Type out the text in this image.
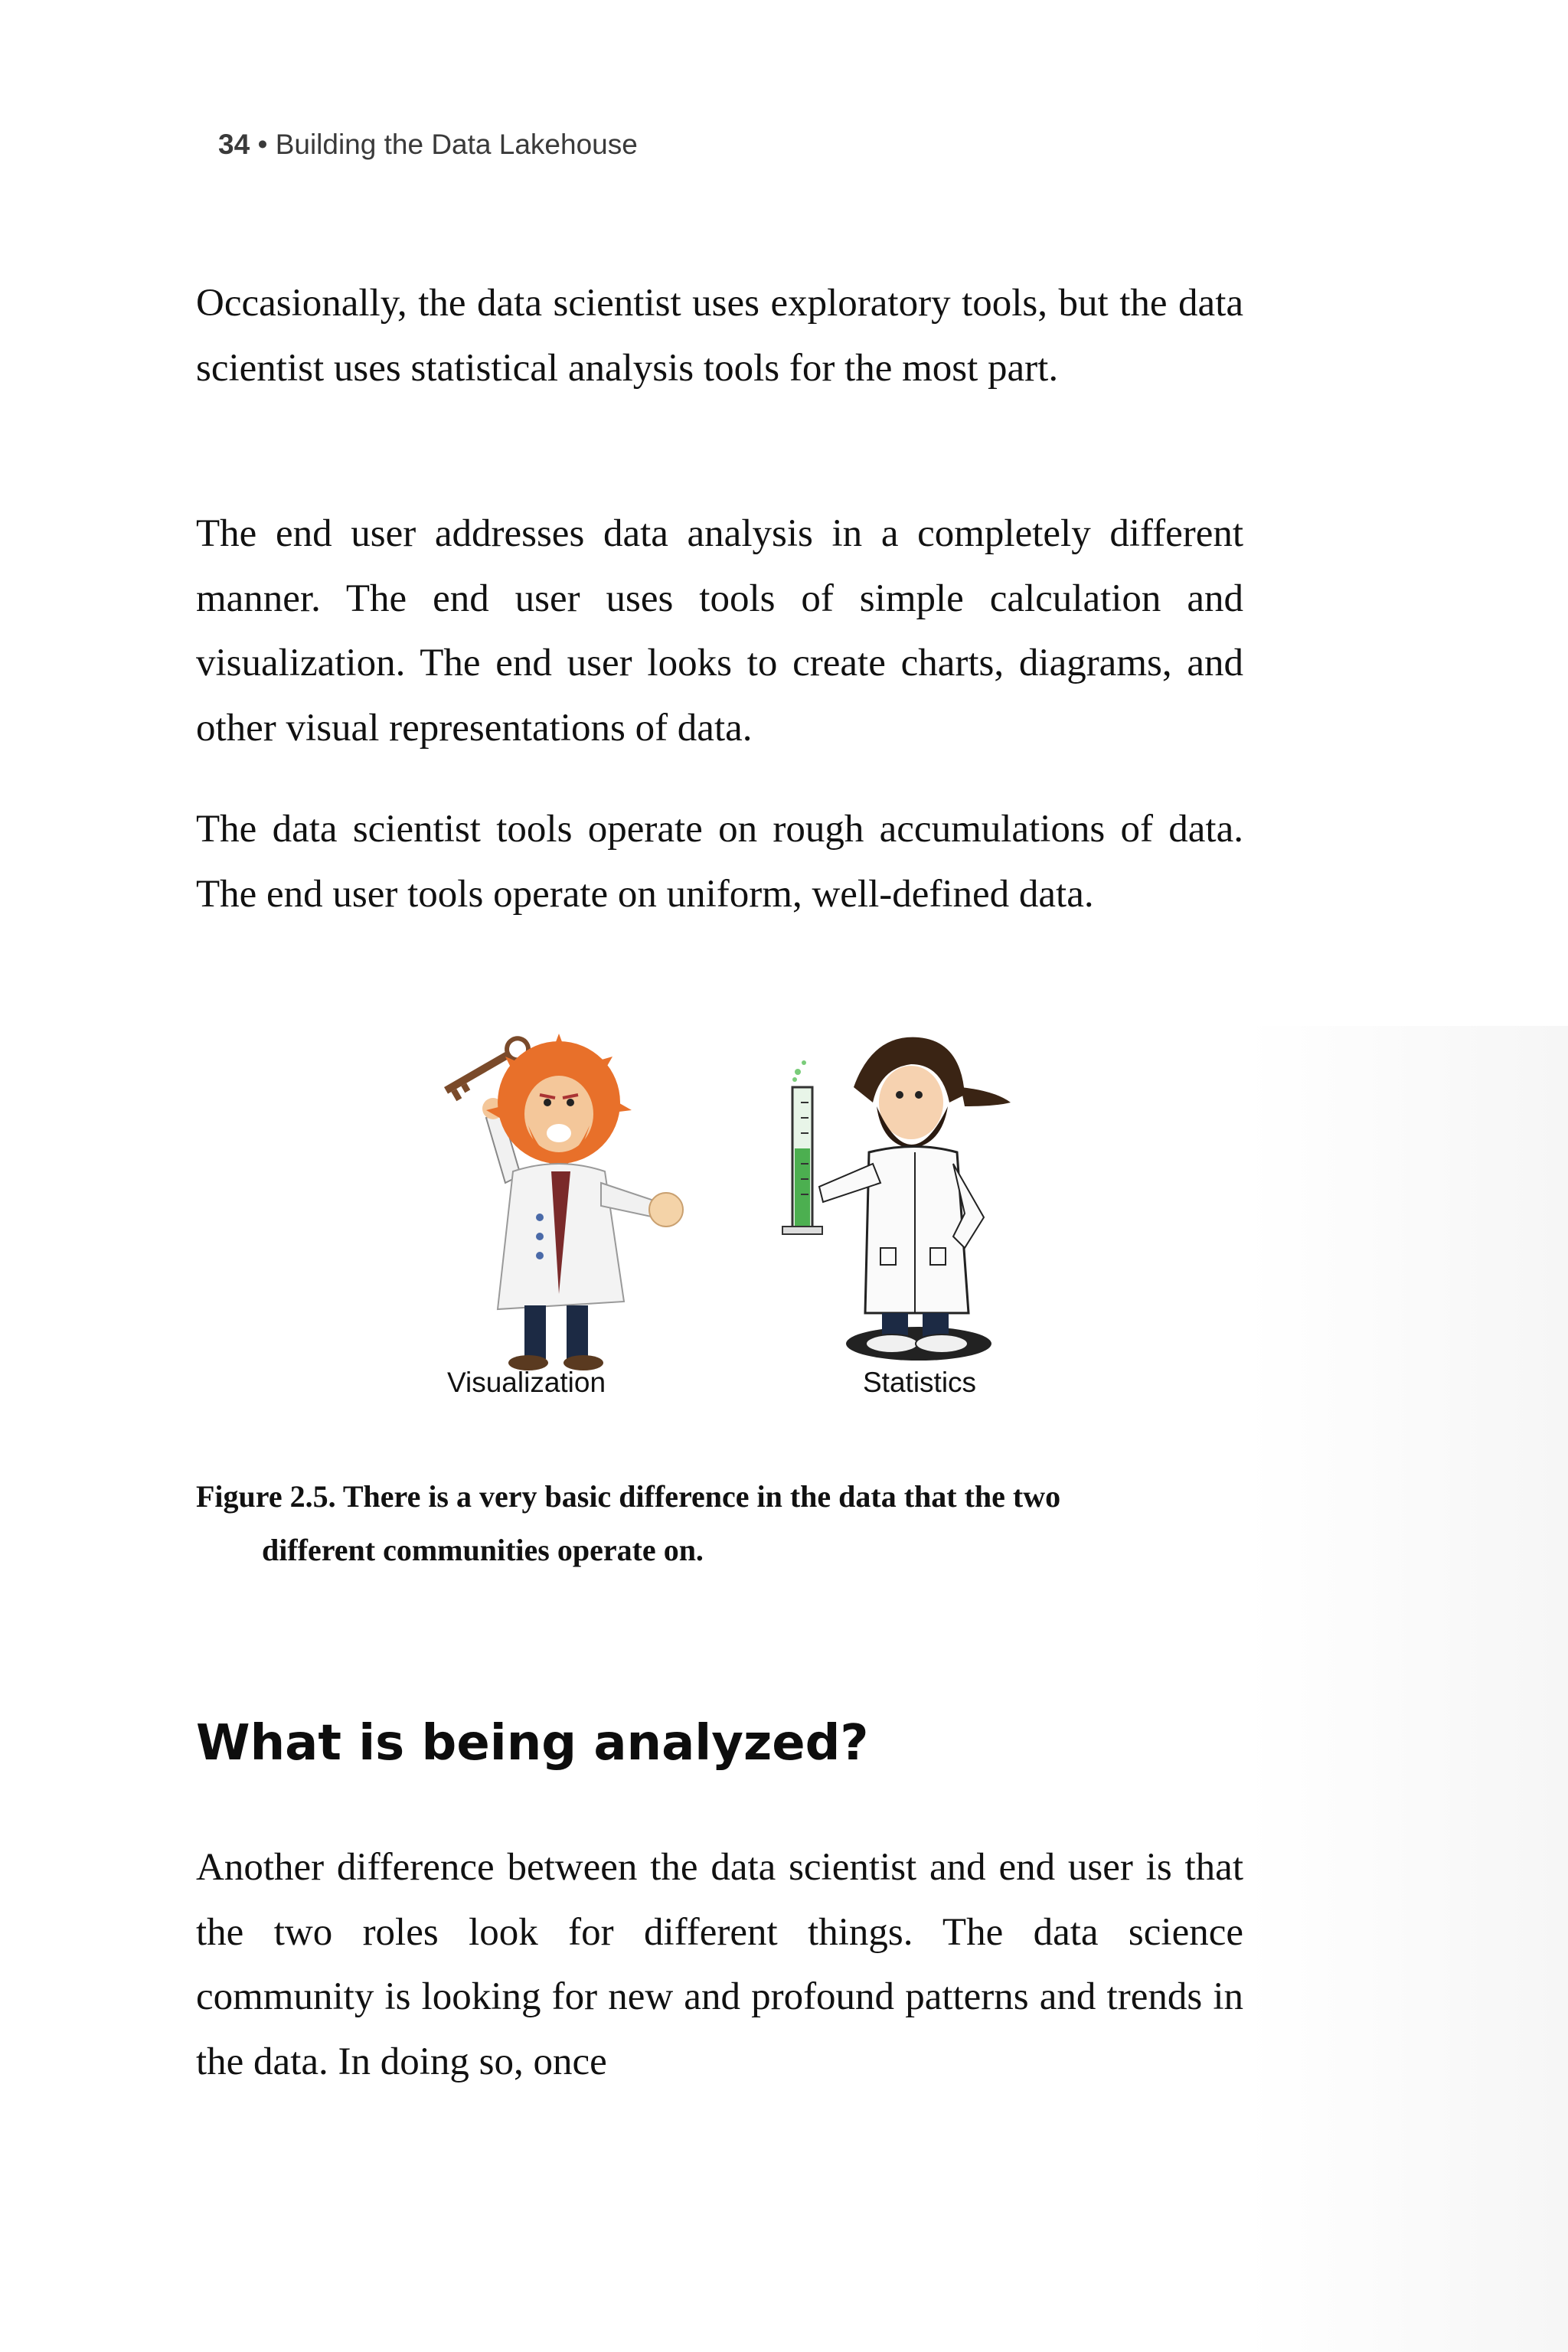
34 • Building the Data Lakehouse

Occasionally, the data scientist uses exploratory tools, but the data scientist uses statistical analysis tools for the most part.

The end user addresses data analysis in a completely different manner. The end user uses tools of simple calculation and visualization. The end user looks to create charts, diagrams, and other visual representations of data.

The data scientist tools operate on rough accumulations of data. The end user tools operate on uniform, well-defined data.

Visualization	Statistics

Figure 2.5. There is a very basic difference in the data that the two
different communities operate on.

What is being analyzed?

Another difference between the data scientist and end user is that the two roles look for different things. The data science community is looking for new and profound patterns and trends in the data. In doing so, once
